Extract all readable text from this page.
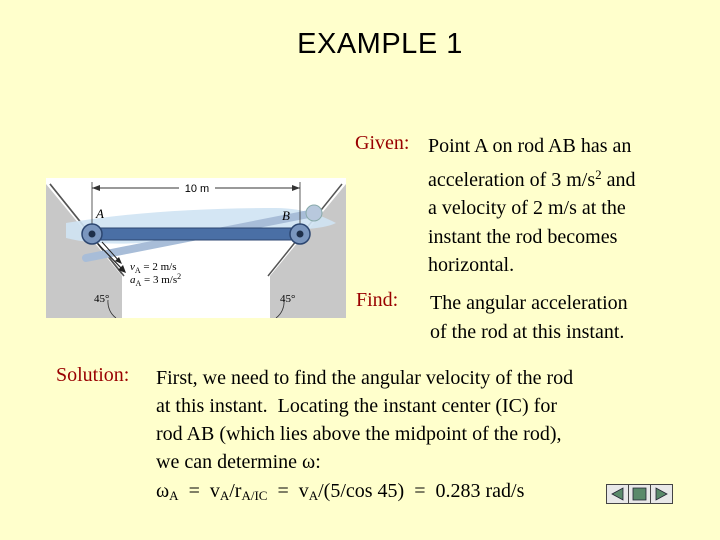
EXAMPLE 1
10 m
A	B
$v_A = 2$ m/s
$a_A = 3$ $m/s^2$
45°	45°
Given: Point A on rod AB has an
acceleration of 3 $m/s^2$ and
a velocity of 2 m/s at the
instant the rod becomes
horizontal.
Find: The angular acceleration
of the rod at this instant.
Solution: First, we need to find the angular velocity of the rod
at this instant.  Locating the instant center (IC) for
rod AB (which lies above the midpoint of the rod),
we can determine ω:
$\omega_A = v_A/r_{A/IC} = v_A/(5/\cos$ 45)  =  0.283 rad/s
